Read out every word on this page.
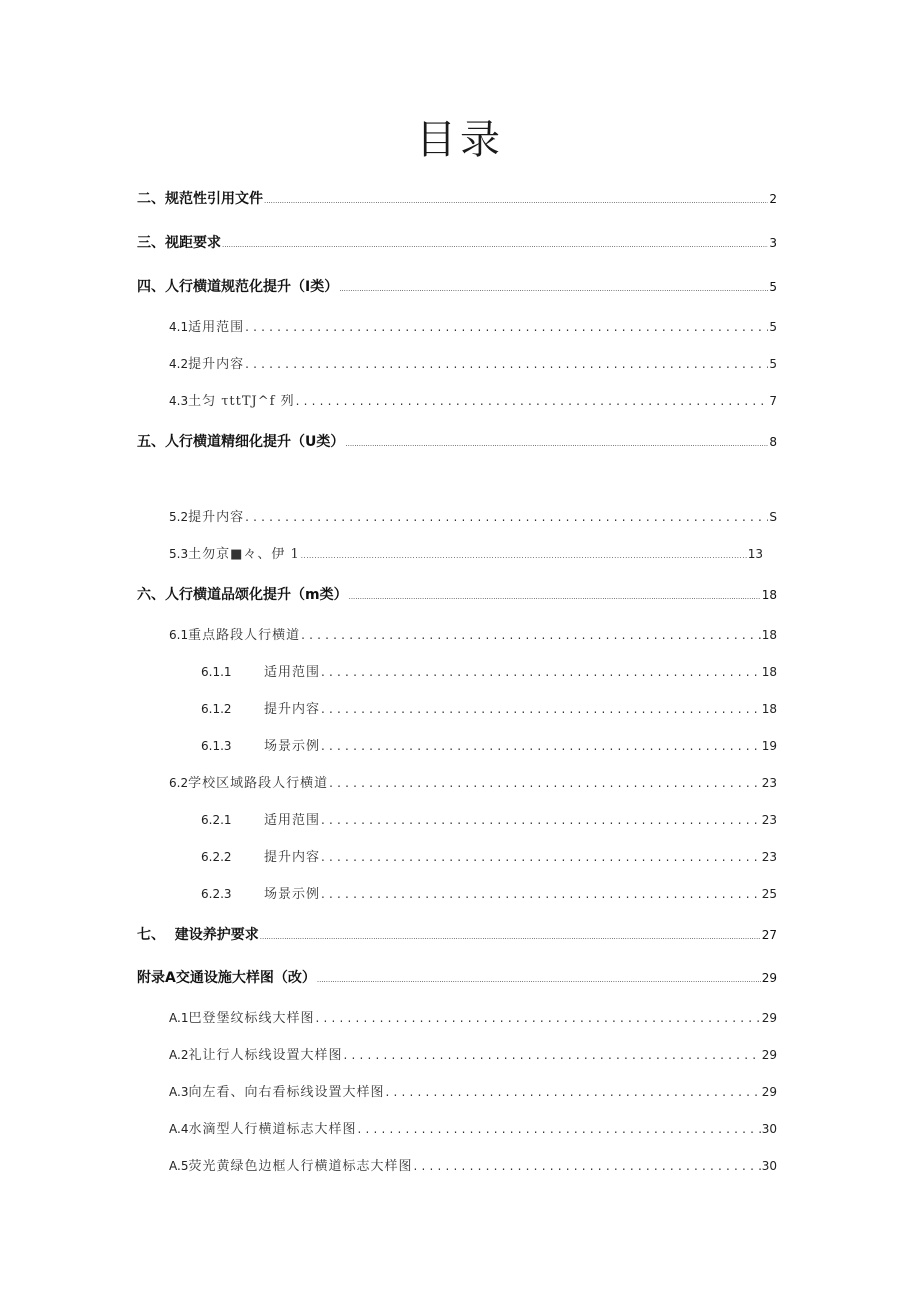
目录
二、规范性引用文件 .....	2
三、视距要求 .....	3
四、人行横道规范化提升（I类） .....	5
4.1 适用范围 .....	5
4.2 提升内容 .....	5
4.3 土匀 τttTJ^f 列 .....	7
五、人行横道精细化提升（U类） .....	8
5.2 提升内容 .....	S
5.3 土勿京■々、伊 1 .....	13
六、人行横道品颂化提升（m类） .....	18
6.1 重点路段人行横道 .....	18
6.1.1	适用范围 .....	18
6.1.2	提升内容 .....	18
6.1.3	场景示例 .....	19
6.2 学校区域路段人行横道 .....	23
6.2.1	适用范围 .....	23
6.2.2	提升内容 .....	23
6.2.3	场景示例 .....	25
七、  建设养护要求 .....	27
附录A交通设施大样图（改） .....	29
A.1 巴登堡纹标线大样图 .....	29
A.2 礼让行人标线设置大样图 .....	29
A.3 向左看、向右看标线设置大样图 .....	29
A.4 水滴型人行横道标志大样图 .....	30
A.5 荧光黄绿色边框人行横道标志大样图 .....	30
